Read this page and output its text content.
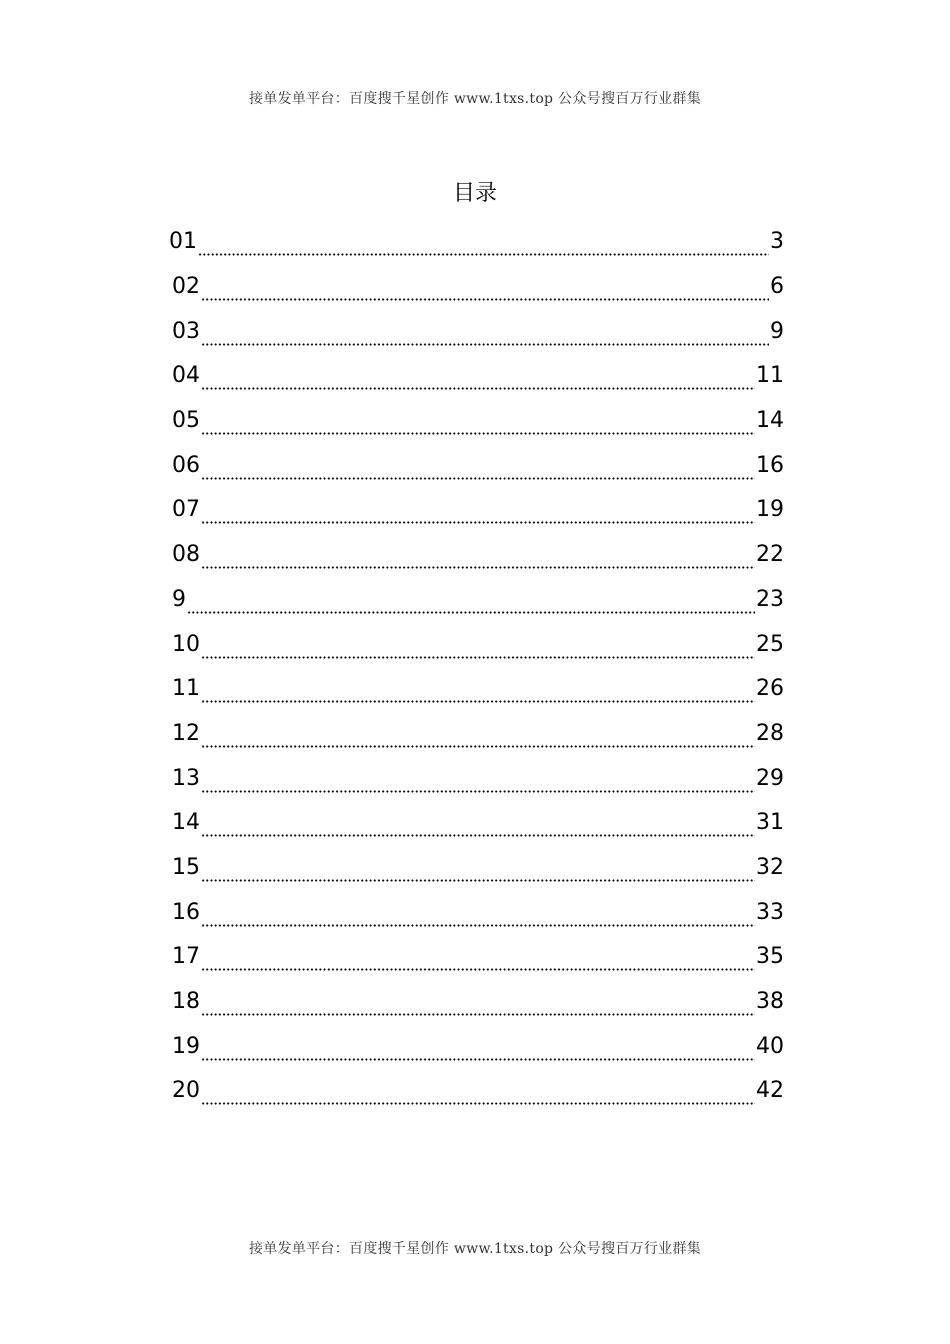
接单发单平台：百度搜千星创作 www.1txs.top 公众号搜百万行业群集
目录
01	3
02	6
03	9
04	11
05	14
06	16
07	19
08	22
9	23
10	25
11	26
12	28
13	29
14	31
15	32
16	33
17	35
18	38
19	40
20	42
接单发单平台：百度搜千星创作 www.1txs.top 公众号搜百万行业群集
